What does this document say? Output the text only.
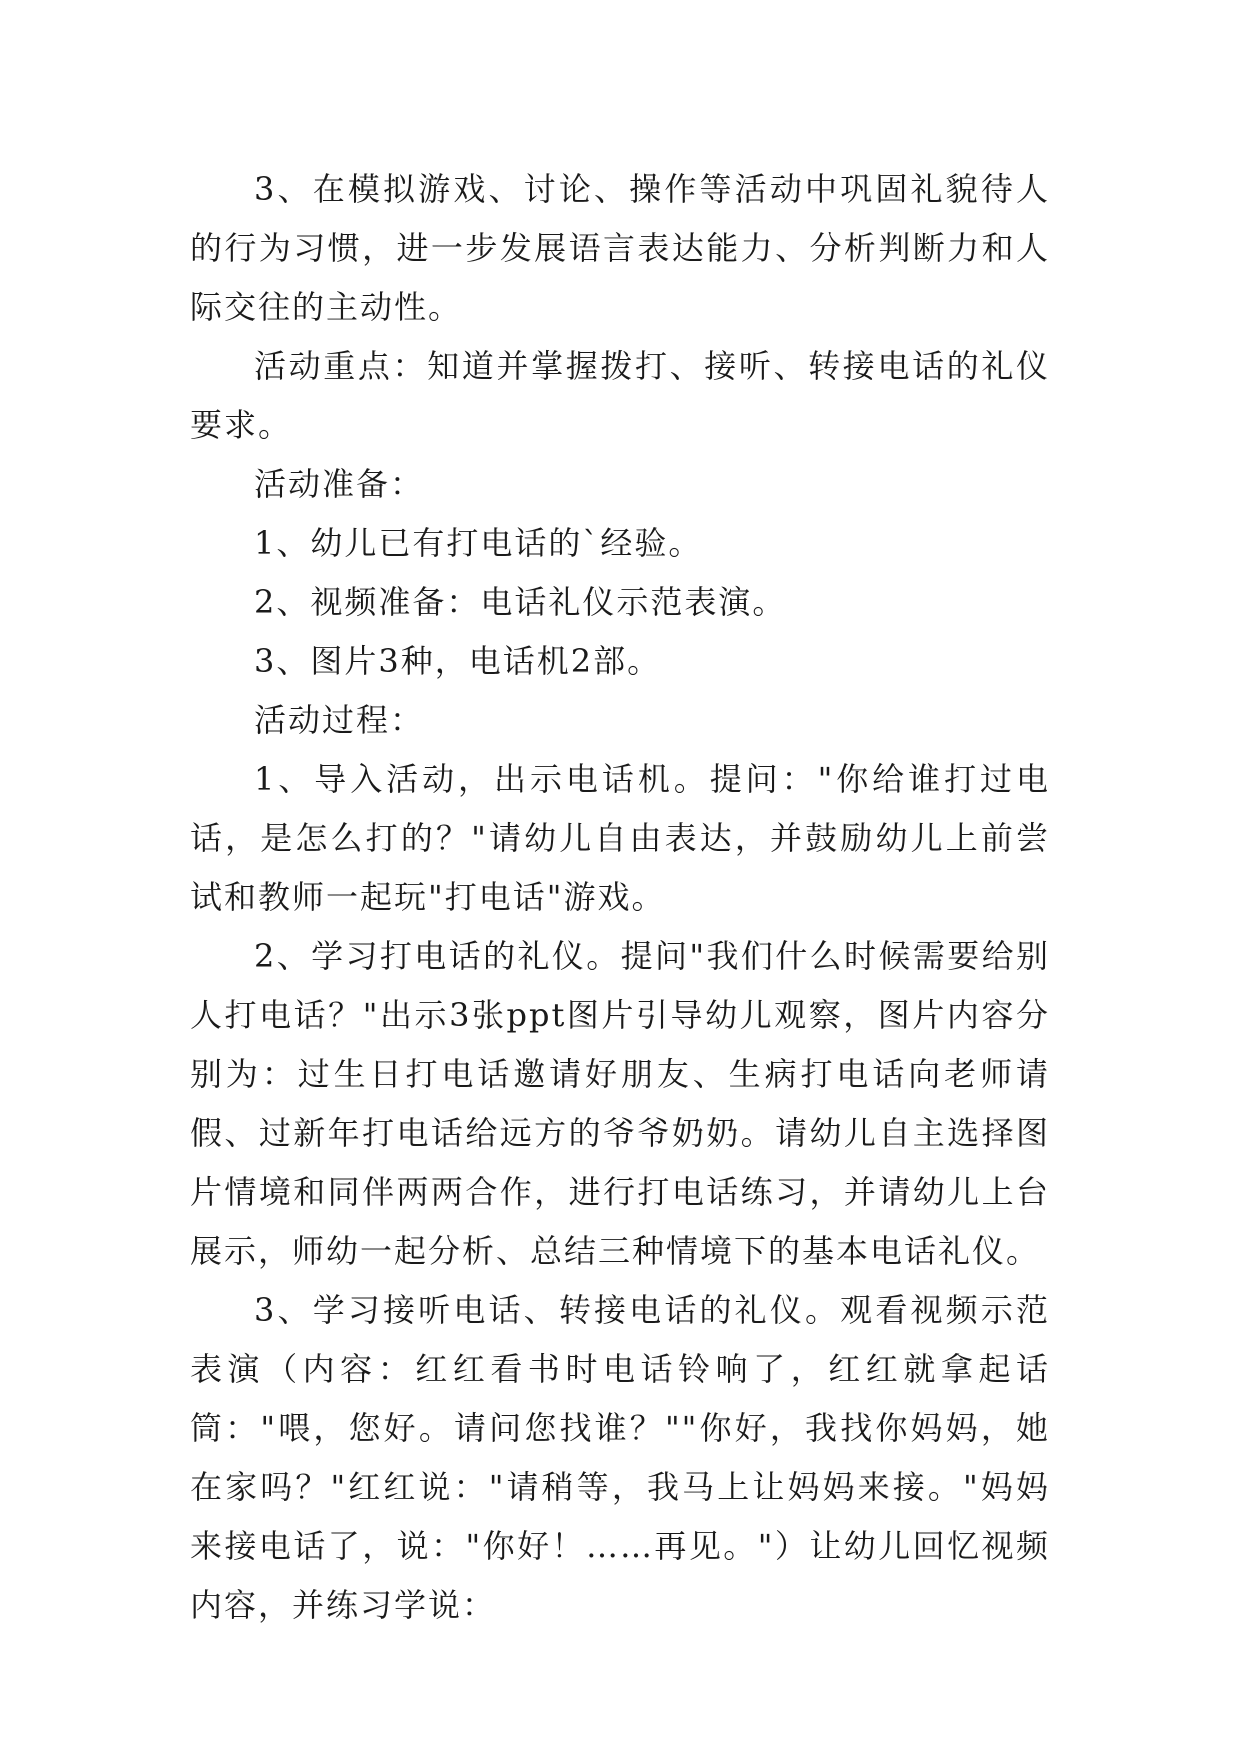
3、在模拟游戏、讨论、操作等活动中巩固礼貌待人的行为习惯，进一步发展语言表达能力、分析判断力和人际交往的主动性。

活动重点：知道并掌握拨打、接听、转接电话的礼仪要求。

活动准备：

1、幼儿已有打电话的`经验。

2、视频准备：电话礼仪示范表演。

3、图片3种，电话机2部。

活动过程：

1、导入活动，出示电话机。提问："你给谁打过电话，是怎么打的？"请幼儿自由表达，并鼓励幼儿上前尝试和教师一起玩"打电话"游戏。

2、学习打电话的礼仪。提问"我们什么时候需要给别人打电话？"出示3张ppt图片引导幼儿观察，图片内容分别为：过生日打电话邀请好朋友、生病打电话向老师请假、过新年打电话给远方的爷爷奶奶。请幼儿自主选择图片情境和同伴两两合作，进行打电话练习，并请幼儿上台展示，师幼一起分析、总结三种情境下的基本电话礼仪。

3、学习接听电话、转接电话的礼仪。观看视频示范表演（内容：红红看书时电话铃响了，红红就拿起话筒："喂，您好。请问您找谁？""你好，我找你妈妈，她在家吗？"红红说："请稍等，我马上让妈妈来接。"妈妈来接电话了，说："你好！……再见。"）让幼儿回忆视频内容，并练习学说：
